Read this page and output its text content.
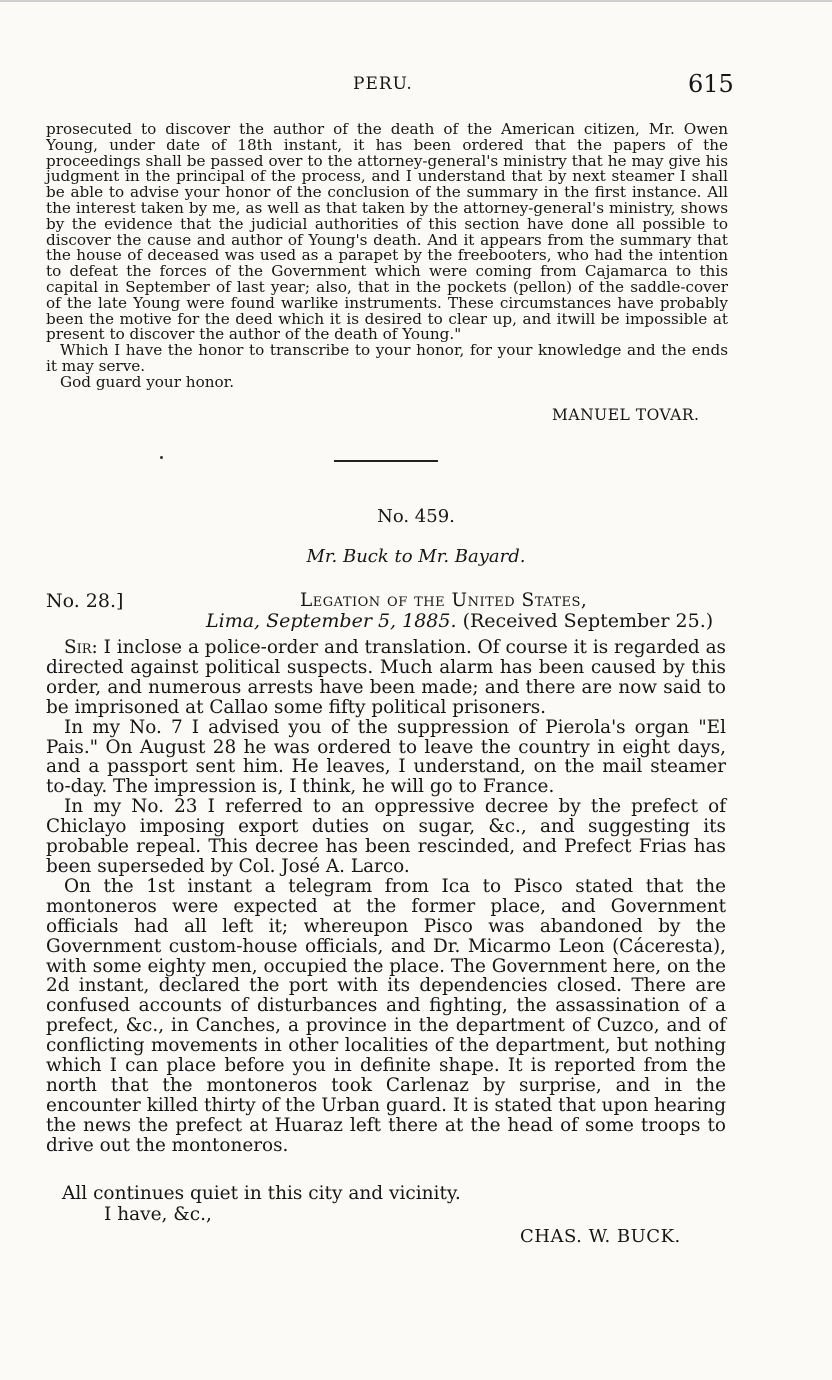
PERU.	615

prosecuted to discover the author of the death of the American citizen, Mr. Owen Young, under date of 18th instant, it has been ordered that the papers of the proceedings shall be passed over to the attorney-general's ministry that he may give his judgment in the principal of the process, and I understand that by next steamer I shall be able to advise your honor of the conclusion of the summary in the first instance. All the interest taken by me, as well as that taken by the attorney-general's ministry, shows by the evidence that the judicial authorities of this section have done all possible to discover the cause and author of Young's death. And it appears from the summary that the house of deceased was used as a parapet by the freebooters, who had the intention to defeat the forces of the Government which were coming from Cajamarca to this capital in September of last year; also, that in the pockets (pellon) of the saddle-cover of the late Young were found warlike instruments. These circumstances have probably been the motive for the deed which it is desired to clear up, and itwill be impossible at present to discover the author of the death of Young."

Which I have the honor to transcribe to your honor, for your knowledge and the ends it may serve.

God guard your honor.

MANUEL TOVAR.
No. 459.
Mr. Buck to Mr. Bayard.
No. 28.]	Legation of the United States,
Lima, September 5, 1885. (Received September 25.)

Sir: I inclose a police-order and translation. Of course it is regarded as directed against political suspects. Much alarm has been caused by this order, and numerous arrests have been made; and there are now said to be imprisoned at Callao some fifty political prisoners.

In my No. 7 I advised you of the suppression of Pierola's organ "El Pais." On August 28 he was ordered to leave the country in eight days, and a passport sent him. He leaves, I understand, on the mail steamer to-day. The impression is, I think, he will go to France.

In my No. 23 I referred to an oppressive decree by the prefect of Chiclayo imposing export duties on sugar, &c., and suggesting its probable repeal. This decree has been rescinded, and Prefect Frias has been superseded by Col. José A. Larco.

On the 1st instant a telegram from Ica to Pisco stated that the montoneros were expected at the former place, and Government officials had all left it; whereupon Pisco was abandoned by the Government custom-house officials, and Dr. Micarmo Leon (Cáceresta), with some eighty men, occupied the place. The Government here, on the 2d instant, declared the port with its dependencies closed. There are confused accounts of disturbances and fighting, the assassination of a prefect, &c., in Canches, a province in the department of Cuzco, and of conflicting movements in other localities of the department, but nothing which I can place before you in definite shape. It is reported from the north that the montoneros took Carlenaz by surprise, and in the encounter killed thirty of the Urban guard. It is stated that upon hearing the news the prefect at Huaraz left there at the head of some troops to drive out the montoneros.

All continues quiet in this city and vicinity.
I have, &c.,
CHAS. W. BUCK.
